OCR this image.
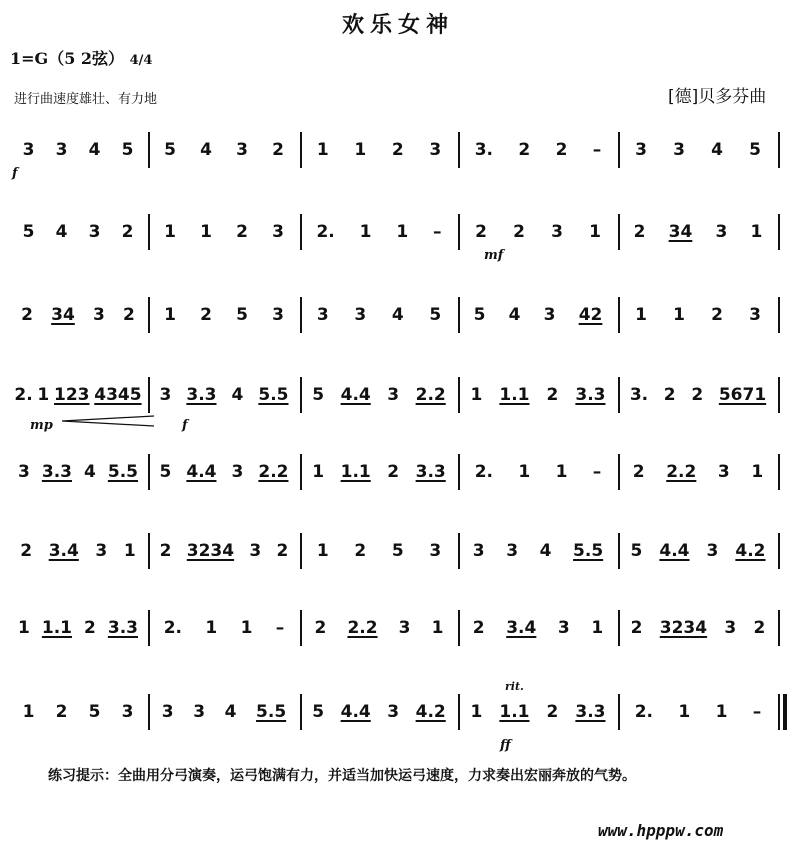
欢乐女神
1=G（5 2弦） 4/4
进行曲速度雄壮、有力地	[德]贝多芬曲
3 3 4 5 5 4 3 2 1 1 2 3 3. 2 2 – 3 3 4 5
5 4 3 2 1 1 2 3 2. 1 1 – 2 2 3 1 2 34 3 1
2 34 3 2 1 2 5 3 3 3 4 5 5 4 3 42 1 1 2 3
2. 1 123 4345 3 3.3 4 5.5 5 4.4 3 2.2 1 1.1 2 3.3 3. 2 2 5671
3 3.3 4 5.5 5 4.4 3 2.2 1 1.1 2 3.3 2. 1 1 – 2 2.2 3 1
2 3.4 3 1 2 3234 3 2 1 2 5 3 3 3 4 5.5 5 4.4 3 4.2
1 1.1 2 3.3 2. 1 1 – 2 2.2 3 1 2 3.4 3 1 2 3234 3 2
1 2 5 3 3 3 4 5.5 5 4.4 3 4.2 1 1.1 2 3.3 2. 1 1 –
f
mf
mp	f
rit.
ff
练习提示：全曲用分弓演奏，运弓饱满有力，并适当加快运弓速度，力求奏出宏丽奔放的气势。
www.hpppw.com
